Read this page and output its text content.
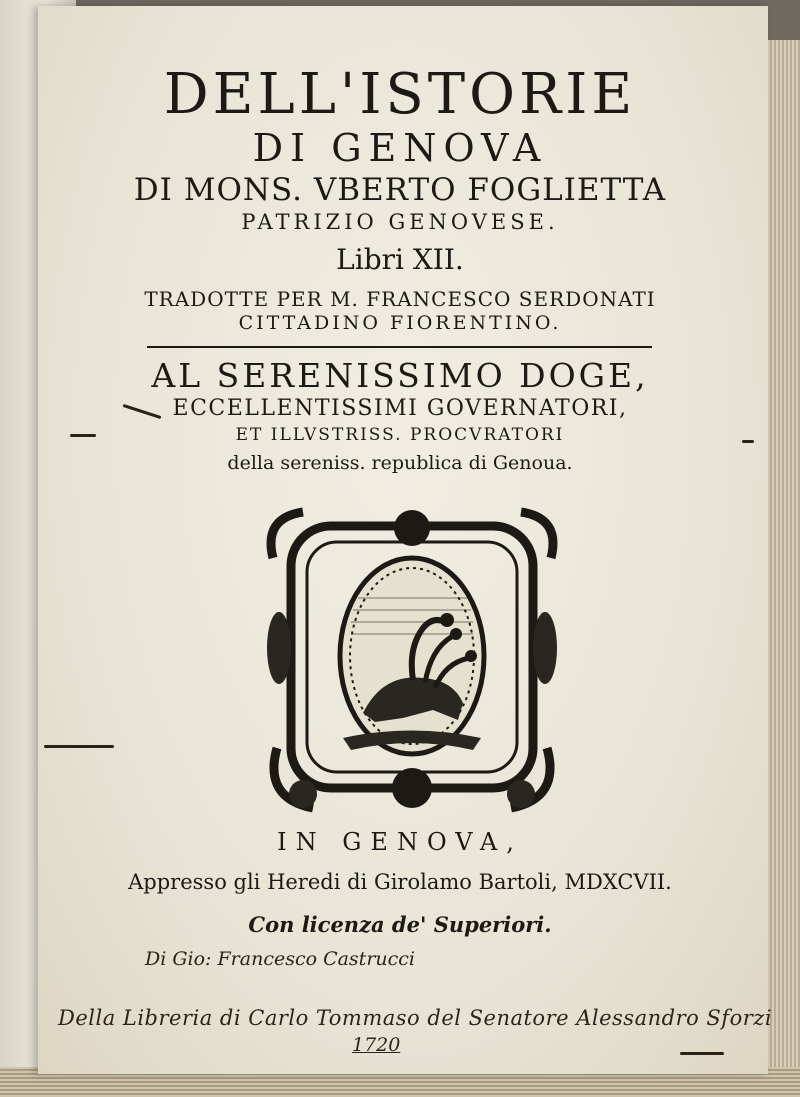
DELL'ISTORIE
DI GENOVA
DI MONS. VBERTO FOGLIETTA
PATRIZIO GENOVESE.
Libri XII.
TRADOTTE PER M. FRANCESCO SERDONATI
CITTADINO FIORENTINO.
AL SERENISSIMO DOGE,
ECCELLENTISSIMI GOVERNATORI,
ET ILLVSTRISS. PROCVRATORI
della sereniss. republica di Genoua.
IN GENOVA,
Appresso gli Heredi di Girolamo Bartoli, MDXCVII.
Con licenza de' Superiori.
Di Gio: Francesco Castrucci
Della Libreria di Carlo Tommaso del Senatore Alessandro Sforzi
1720
